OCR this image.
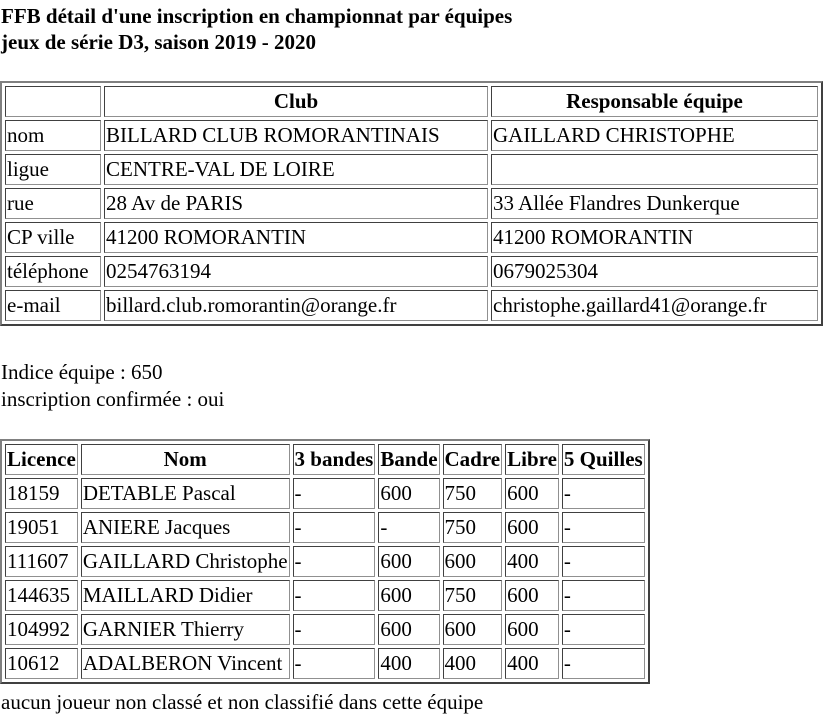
FFB détail d'une inscription en championnat par équipes
jeux de série D3, saison 2019 - 2020
	Club	Responsable équipe
nom	BILLARD CLUB ROMORANTINAIS	GAILLARD CHRISTOPHE
ligue	CENTRE-VAL DE LOIRE	
rue	28 Av de PARIS	33 Allée Flandres Dunkerque
CP ville	41200 ROMORANTIN	41200 ROMORANTIN
téléphone	0254763194	0679025304
e-mail	billard.club.romorantin@orange.fr	christophe.gaillard41@orange.fr

Indice équipe : 650

inscription confirmée : oui

Licence	Nom	3 bandes	Bande	Cadre	Libre	5 Quilles
18159	DETABLE Pascal	-	600	750	600	-
19051	ANIERE Jacques	-	-	750	600	-
111607	GAILLARD Christophe	-	600	600	400	-
144635	MAILLARD Didier	-	600	750	600	-
104992	GARNIER Thierry	-	600	600	600	-
10612	ADALBERON Vincent	-	400	400	400	-

aucun joueur non classé et non classifié dans cette équipe
